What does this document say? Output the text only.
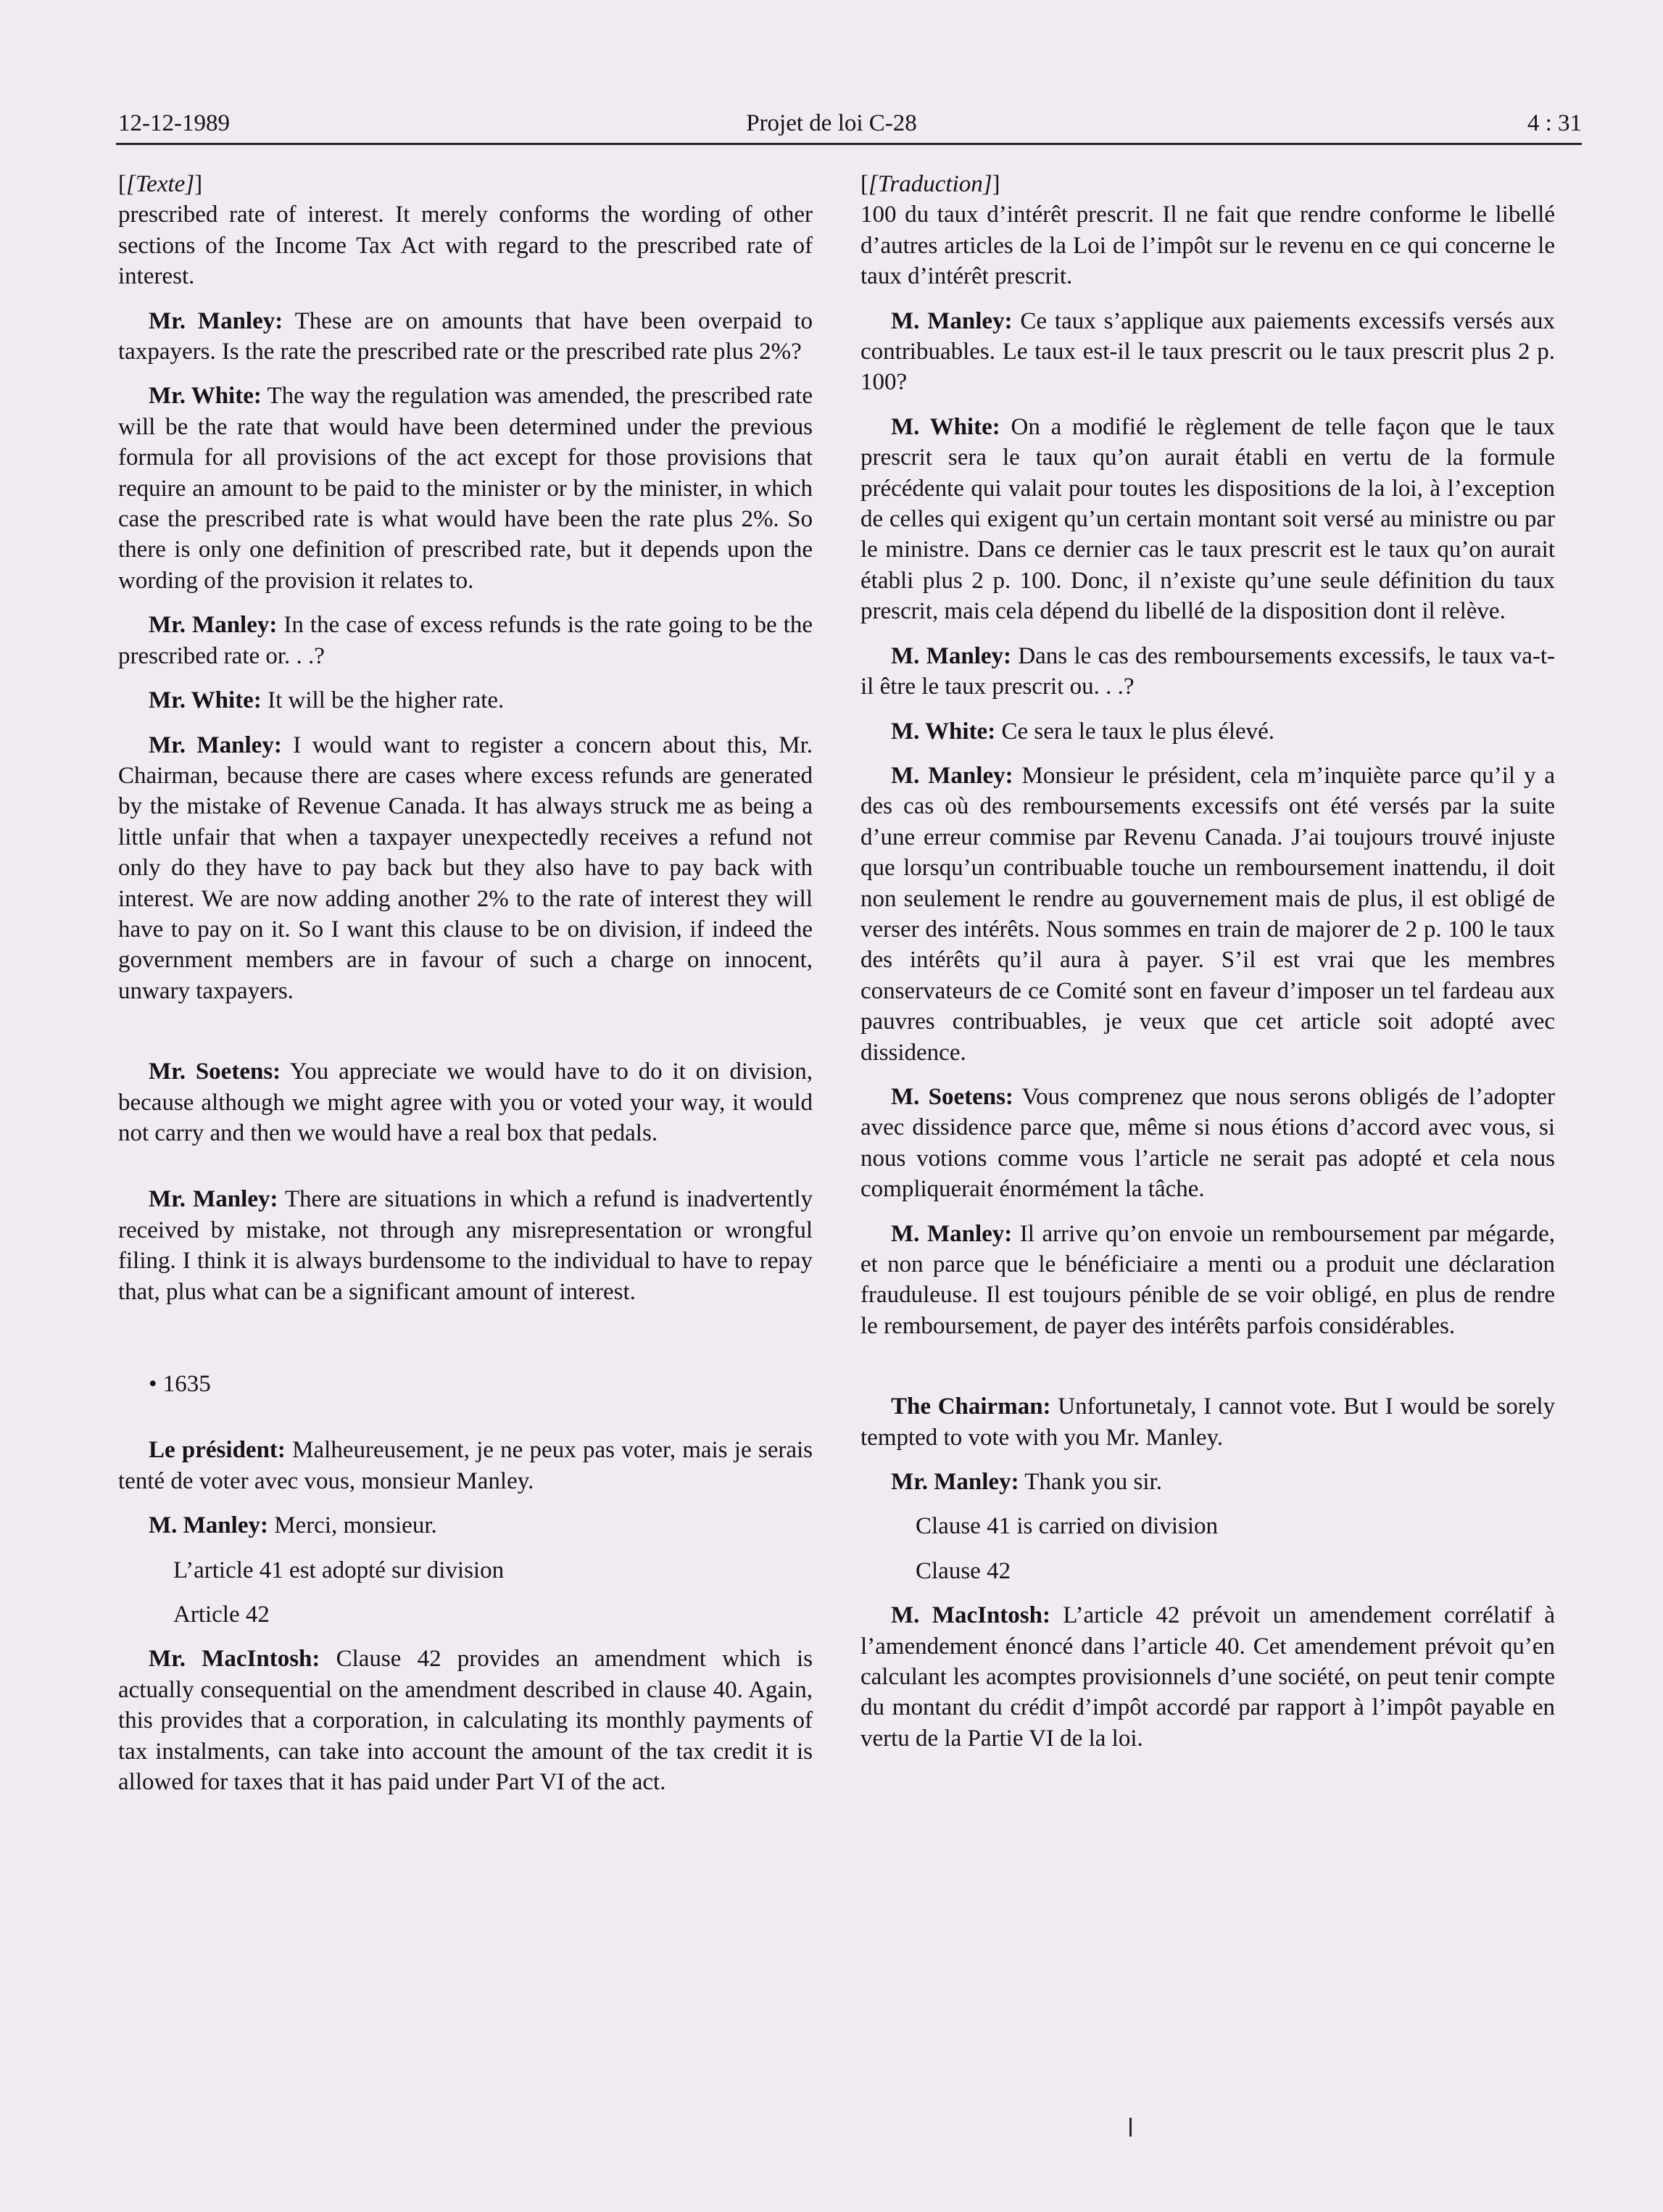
12-12-1989	Projet de loi C-28	4 : 31
[[Texte]]

prescribed rate of interest. It merely conforms the wording of other sections of the Income Tax Act with regard to the prescribed rate of interest.

Mr. Manley: These are on amounts that have been overpaid to taxpayers. Is the rate the prescribed rate or the prescribed rate plus 2%?

Mr. White: The way the regulation was amended, the prescribed rate will be the rate that would have been determined under the previous formula for all provisions of the act except for those provisions that require an amount to be paid to the minister or by the minister, in which case the prescribed rate is what would have been the rate plus 2%. So there is only one definition of prescribed rate, but it depends upon the wording of the provision it relates to.

Mr. Manley: In the case of excess refunds is the rate going to be the prescribed rate or. . .?

Mr. White: It will be the higher rate.

Mr. Manley: I would want to register a concern about this, Mr. Chairman, because there are cases where excess refunds are generated by the mistake of Revenue Canada. It has always struck me as being a little unfair that when a taxpayer unexpectedly receives a refund not only do they have to pay back but they also have to pay back with interest. We are now adding another 2% to the rate of interest they will have to pay on it. So I want this clause to be on division, if indeed the government members are in favour of such a charge on innocent, unwary taxpayers.

Mr. Soetens: You appreciate we would have to do it on division, because although we might agree with you or voted your way, it would not carry and then we would have a real box that pedals.

Mr. Manley: There are situations in which a refund is inadvertently received by mistake, not through any misrepresentation or wrongful filing. I think it is always burdensome to the individual to have to repay that, plus what can be a significant amount of interest.

• 1635

Le président: Malheureusement, je ne peux pas voter, mais je serais tenté de voter avec vous, monsieur Manley.

M. Manley: Merci, monsieur.

L’article 41 est adopté sur division

Article 42

Mr. MacIntosh: Clause 42 provides an amendment which is actually consequential on the amendment described in clause 40. Again, this provides that a corporation, in calculating its monthly payments of tax instalments, can take into account the amount of the tax credit it is allowed for taxes that it has paid under Part VI of the act.

[[Traduction]]

100 du taux d’intérêt prescrit. Il ne fait que rendre conforme le libellé d’autres articles de la Loi de l’impôt sur le revenu en ce qui concerne le taux d’intérêt prescrit.

M. Manley: Ce taux s’applique aux paiements excessifs versés aux contribuables. Le taux est-il le taux prescrit ou le taux prescrit plus 2 p. 100?

M. White: On a modifié le règlement de telle façon que le taux prescrit sera le taux qu’on aurait établi en vertu de la formule précédente qui valait pour toutes les dispositions de la loi, à l’exception de celles qui exigent qu’un certain montant soit versé au ministre ou par le ministre. Dans ce dernier cas le taux prescrit est le taux qu’on aurait établi plus 2 p. 100. Donc, il n’existe qu’une seule définition du taux prescrit, mais cela dépend du libellé de la disposition dont il relève.

M. Manley: Dans le cas des remboursements excessifs, le taux va-t-il être le taux prescrit ou. . .?

M. White: Ce sera le taux le plus élevé.

M. Manley: Monsieur le président, cela m’inquiète parce qu’il y a des cas où des remboursements excessifs ont été versés par la suite d’une erreur commise par Revenu Canada. J’ai toujours trouvé injuste que lorsqu’un contribuable touche un remboursement inattendu, il doit non seulement le rendre au gouvernement mais de plus, il est obligé de verser des intérêts. Nous sommes en train de majorer de 2 p. 100 le taux des intérêts qu’il aura à payer. S’il est vrai que les membres conservateurs de ce Comité sont en faveur d’imposer un tel fardeau aux pauvres contribuables, je veux que cet article soit adopté avec dissidence.

M. Soetens: Vous comprenez que nous serons obligés de l’adopter avec dissidence parce que, même si nous étions d’accord avec vous, si nous votions comme vous l’article ne serait pas adopté et cela nous compliquerait énormément la tâche.

M. Manley: Il arrive qu’on envoie un remboursement par mégarde, et non parce que le bénéficiaire a menti ou a produit une déclaration frauduleuse. Il est toujours pénible de se voir obligé, en plus de rendre le remboursement, de payer des intérêts parfois considérables.

The Chairman: Unfortunetaly, I cannot vote. But I would be sorely tempted to vote with you Mr. Manley.

Mr. Manley: Thank you sir.

Clause 41 is carried on division

Clause 42

M. MacIntosh: L’article 42 prévoit un amendement corrélatif à l’amendement énoncé dans l’article 40. Cet amendement prévoit qu’en calculant les acomptes provisionnels d’une société, on peut tenir compte du montant du crédit d’impôt accordé par rapport à l’impôt payable en vertu de la Partie VI de la loi.
